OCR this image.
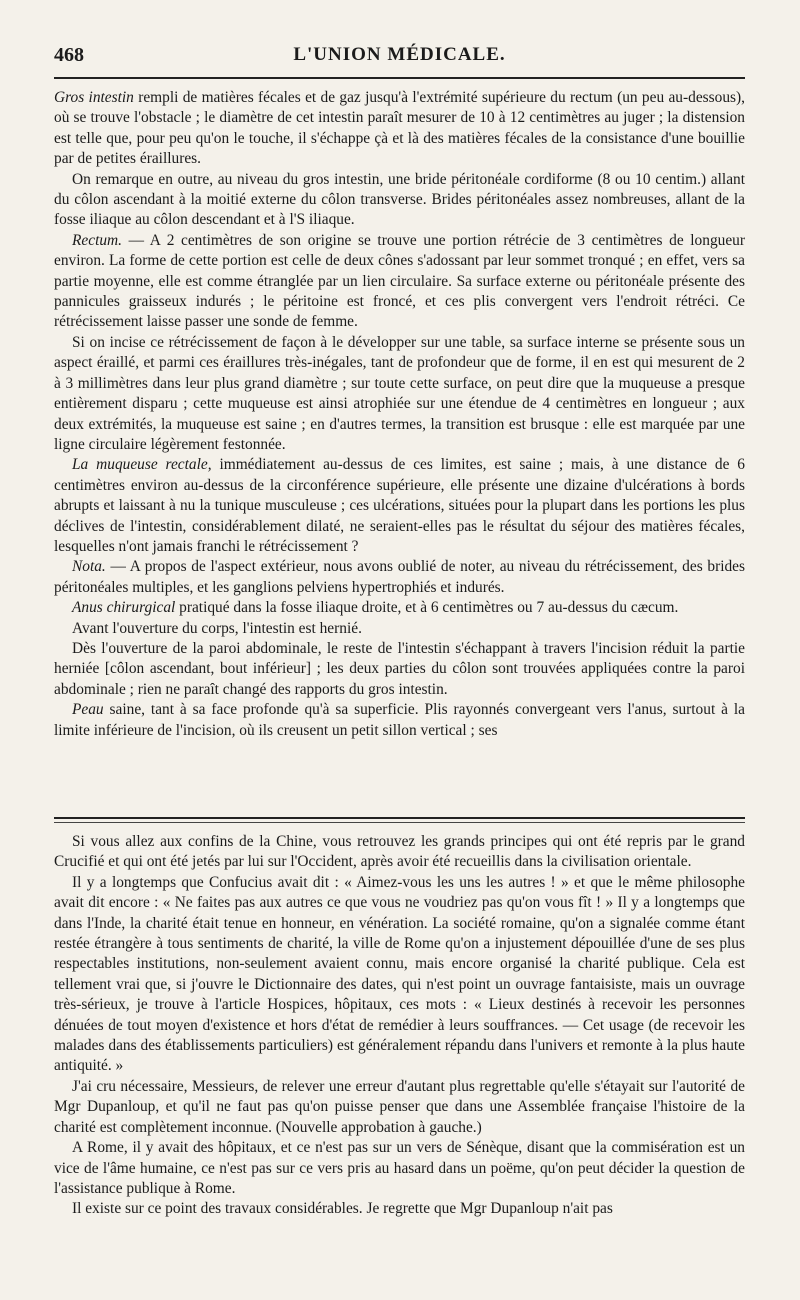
468	L'UNION MÉDICALE.

Gros intestin rempli de matières fécales et de gaz jusqu'à l'extrémité supérieure du rectum (un peu au-dessous), où se trouve l'obstacle ; le diamètre de cet intestin paraît mesurer de 10 à 12 centimètres au juger ; la distension est telle que, pour peu qu'on le touche, il s'échappe çà et là des matières fécales de la consistance d'une bouillie par de petites éraillures.

On remarque en outre, au niveau du gros intestin, une bride péritonéale cordiforme (8 ou 10 centim.) allant du côlon ascendant à la moitié externe du côlon transverse. Brides péritonéales assez nombreuses, allant de la fosse iliaque au côlon descendant et à l'S iliaque.

Rectum. — A 2 centimètres de son origine se trouve une portion rétrécie de 3 centimètres de longueur environ. La forme de cette portion est celle de deux cônes s'adossant par leur sommet tronqué ; en effet, vers sa partie moyenne, elle est comme étranglée par un lien circulaire. Sa surface externe ou péritonéale présente des pannicules graisseux indurés ; le péritoine est froncé, et ces plis convergent vers l'endroit rétréci. Ce rétrécissement laisse passer une sonde de femme.

Si on incise ce rétrécissement de façon à le développer sur une table, sa surface interne se présente sous un aspect éraillé, et parmi ces éraillures très-inégales, tant de profondeur que de forme, il en est qui mesurent de 2 à 3 millimètres dans leur plus grand diamètre ; sur toute cette surface, on peut dire que la muqueuse a presque entièrement disparu ; cette muqueuse est ainsi atrophiée sur une étendue de 4 centimètres en longueur ; aux deux extrémités, la muqueuse est saine ; en d'autres termes, la transition est brusque : elle est marquée par une ligne circulaire légèrement festonnée.

La muqueuse rectale, immédiatement au-dessus de ces limites, est saine ; mais, à une distance de 6 centimètres environ au-dessus de la circonférence supérieure, elle présente une dizaine d'ulcérations à bords abrupts et laissant à nu la tunique musculeuse ; ces ulcérations, situées pour la plupart dans les portions les plus déclives de l'intestin, considérablement dilaté, ne seraient-elles pas le résultat du séjour des matières fécales, lesquelles n'ont jamais franchi le rétrécissement ?

Nota. — A propos de l'aspect extérieur, nous avons oublié de noter, au niveau du rétrécissement, des brides péritonéales multiples, et les ganglions pelviens hypertrophiés et indurés.

Anus chirurgical pratiqué dans la fosse iliaque droite, et à 6 centimètres ou 7 au-dessus du cæcum.

Avant l'ouverture du corps, l'intestin est hernié.

Dès l'ouverture de la paroi abdominale, le reste de l'intestin s'échappant à travers l'incision réduit la partie herniée [côlon ascendant, bout inférieur] ; les deux parties du côlon sont trouvées appliquées contre la paroi abdominale ; rien ne paraît changé des rapports du gros intestin.

Peau saine, tant à sa face profonde qu'à sa superficie. Plis rayonnés convergeant vers l'anus, surtout à la limite inférieure de l'incision, où ils creusent un petit sillon vertical ; ses

Si vous allez aux confins de la Chine, vous retrouvez les grands principes qui ont été repris par le grand Crucifié et qui ont été jetés par lui sur l'Occident, après avoir été recueillis dans la civilisation orientale.

Il y a longtemps que Confucius avait dit : « Aimez-vous les uns les autres ! » et que le même philosophe avait dit encore : « Ne faites pas aux autres ce que vous ne voudriez pas qu'on vous fît ! » Il y a longtemps que dans l'Inde, la charité était tenue en honneur, en vénération. La société romaine, qu'on a signalée comme étant restée étrangère à tous sentiments de charité, la ville de Rome qu'on a injustement dépouillée d'une de ses plus respectables institutions, non-seulement avaient connu, mais encore organisé la charité publique. Cela est tellement vrai que, si j'ouvre le Dictionnaire des dates, qui n'est point un ouvrage fantaisiste, mais un ouvrage très-sérieux, je trouve à l'article Hospices, hôpitaux, ces mots : « Lieux destinés à recevoir les personnes dénuées de tout moyen d'existence et hors d'état de remédier à leurs souffrances. — Cet usage (de recevoir les malades dans des établissements particuliers) est généralement répandu dans l'univers et remonte à la plus haute antiquité. »

J'ai cru nécessaire, Messieurs, de relever une erreur d'autant plus regrettable qu'elle s'étayait sur l'autorité de Mgr Dupanloup, et qu'il ne faut pas qu'on puisse penser que dans une Assemblée française l'histoire de la charité est complètement inconnue. (Nouvelle approbation à gauche.)

A Rome, il y avait des hôpitaux, et ce n'est pas sur un vers de Sénèque, disant que la commisération est un vice de l'âme humaine, ce n'est pas sur ce vers pris au hasard dans un poëme, qu'on peut décider la question de l'assistance publique à Rome.

Il existe sur ce point des travaux considérables. Je regrette que Mgr Dupanloup n'ait pas
